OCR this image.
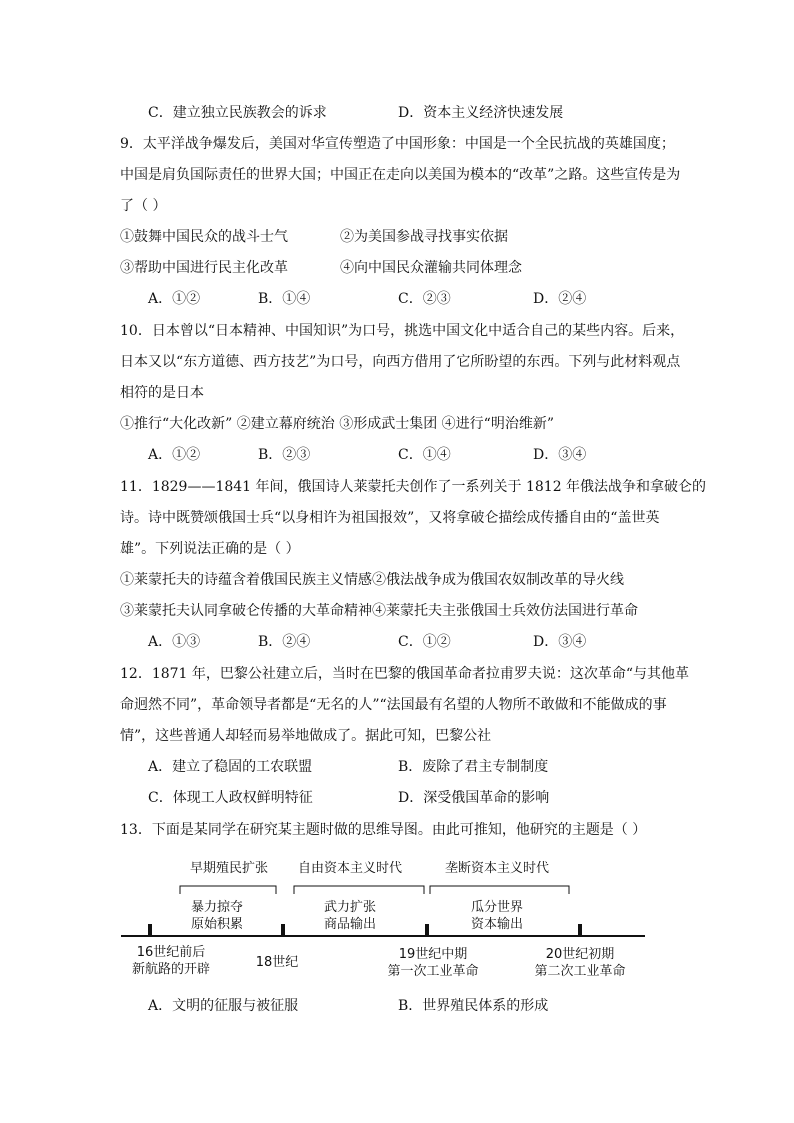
C．建立独立民族教会的诉求	D．资本主义经济快速发展
9．太平洋战争爆发后，美国对华宣传塑造了中国形象：中国是一个全民抗战的英雄国度；
中国是肩负国际责任的世界大国；中国正在走向以美国为模本的“改革”之路。这些宣传是为
了（ ）
①鼓舞中国民众的战斗士气	②为美国参战寻找事实依据
③帮助中国进行民主化改革	④向中国民众灌输共同体理念
A．①②	B．①④	C．②③	D．②④
10．日本曾以“日本精神、中国知识”为口号，挑选中国文化中适合自己的某些内容。后来，
日本又以“东方道德、西方技艺”为口号，向西方借用了它所盼望的东西。下列与此材料观点
相符的是日本
①推行“大化改新” ②建立幕府统治 ③形成武士集团 ④进行“明治维新”
A．①②	B．②③	C．①④	D．③④
11．1829——1841 年间，俄国诗人莱蒙托夫创作了一系列关于 1812 年俄法战争和拿破仑的
诗。诗中既赞颂俄国士兵“以身相许为祖国报效”，又将拿破仑描绘成传播自由的“盖世英
雄”。下列说法正确的是（ ）
①莱蒙托夫的诗蕴含着俄国民族主义情感②俄法战争成为俄国农奴制改革的导火线
③莱蒙托夫认同拿破仑传播的大革命精神④莱蒙托夫主张俄国士兵效仿法国进行革命
A．①③	B．②④	C．①②	D．③④
12．1871 年，巴黎公社建立后，当时在巴黎的俄国革命者拉甫罗夫说：这次革命“与其他革
命迥然不同”，革命领导者都是“无名的人”“法国最有名望的人物所不敢做和不能做成的事
情”，这些普通人却轻而易举地做成了。据此可知，巴黎公社
A．建立了稳固的工农联盟	B．废除了君主专制制度
C．体现工人政权鲜明特征	D．深受俄国革命的影响
13．下面是某同学在研究某主题时做的思维导图。由此可推知，他研究的主题是（ ）
早期殖民扩张 自由资本主义时代	垄断资本主义时代
暴力掠夺
原始积累
武力扩张
商品输出
瓜分世界
资本输出
16世纪前后
新航路的开辟	18世纪
19世纪中期
第一次工业革命
20世纪初期
第二次工业革命
A．文明的征服与被征服	B．世界殖民体系的形成
